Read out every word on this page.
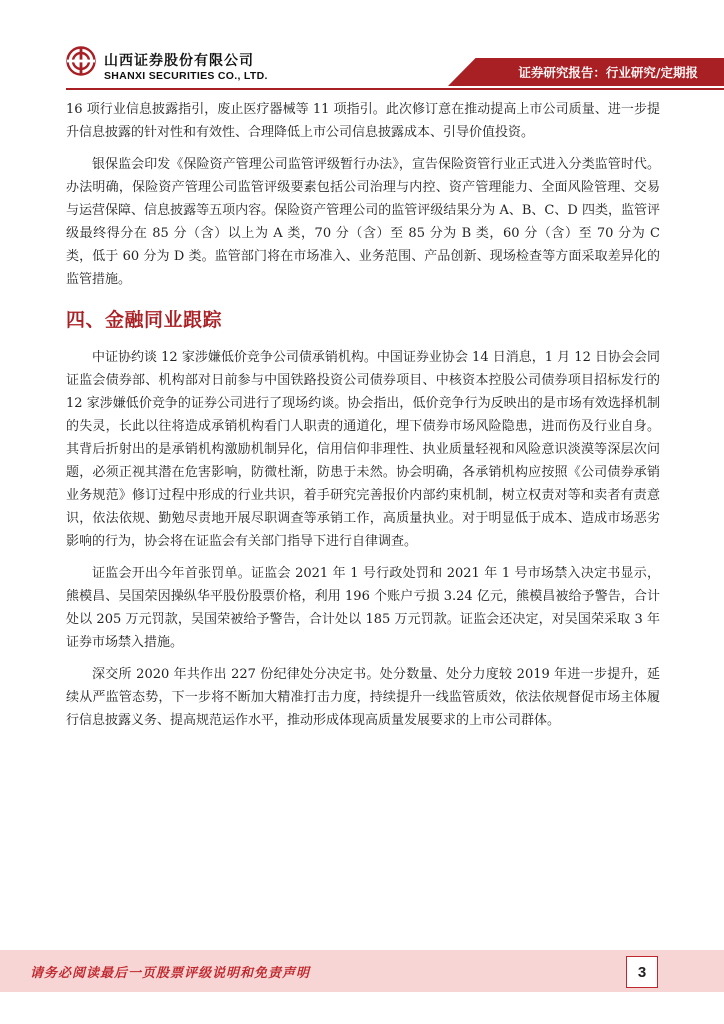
山西证券股份有限公司
SHANXI SECURITIES CO., LTD.	证券研究报告：行业研究/定期报

16 项行业信息披露指引，废止医疗器械等 11 项指引。此次修订意在推动提高上市公司质量、进一步提升信息披露的针对性和有效性、合理降低上市公司信息披露成本、引导价值投资。

银保监会印发《保险资产管理公司监管评级暂行办法》，宣告保险资管行业正式进入分类监管时代。办法明确，保险资产管理公司监管评级要素包括公司治理与内控、资产管理能力、全面风险管理、交易与运营保障、信息披露等五项内容。保险资产管理公司的监管评级结果分为 A、B、C、D 四类，监管评级最终得分在 85 分（含）以上为 A 类，70 分（含）至 85 分为 B 类，60 分（含）至 70 分为 C 类，低于 60 分为 D 类。监管部门将在市场准入、业务范围、产品创新、现场检查等方面采取差异化的监管措施。

四、金融同业跟踪

中证协约谈 12 家涉嫌低价竞争公司债承销机构。中国证券业协会 14 日消息，1 月 12 日协会会同证监会债券部、机构部对日前参与中国铁路投资公司债券项目、中核资本控股公司债券项目招标发行的 12 家涉嫌低价竞争的证券公司进行了现场约谈。协会指出，低价竞争行为反映出的是市场有效选择机制的失灵，长此以往将造成承销机构看门人职责的通道化，埋下债券市场风险隐患，进而伤及行业自身。其背后折射出的是承销机构激励机制异化，信用信仰非理性、执业质量轻视和风险意识淡漠等深层次问题，必须正视其潜在危害影响，防微杜渐，防患于未然。协会明确，各承销机构应按照《公司债券承销业务规范》修订过程中形成的行业共识，着手研究完善报价内部约束机制，树立权责对等和卖者有责意识，依法依规、勤勉尽责地开展尽职调查等承销工作，高质量执业。对于明显低于成本、造成市场恶劣影响的行为，协会将在证监会有关部门指导下进行自律调查。

证监会开出今年首张罚单。证监会 2021 年 1 号行政处罚和 2021 年 1 号市场禁入决定书显示，熊模昌、吴国荣因操纵华平股份股票价格，利用 196 个账户亏损 3.24 亿元，熊模昌被给予警告，合计处以 205 万元罚款，吴国荣被给予警告，合计处以 185 万元罚款。证监会还决定，对吴国荣采取 3 年证券市场禁入措施。

深交所 2020 年共作出 227 份纪律处分决定书。处分数量、处分力度较 2019 年进一步提升，延续从严监管态势，下一步将不断加大精准打击力度，持续提升一线监管质效，依法依规督促市场主体履行信息披露义务、提高规范运作水平，推动形成体现高质量发展要求的上市公司群体。

请务必阅读最后一页股票评级说明和免责声明	3
